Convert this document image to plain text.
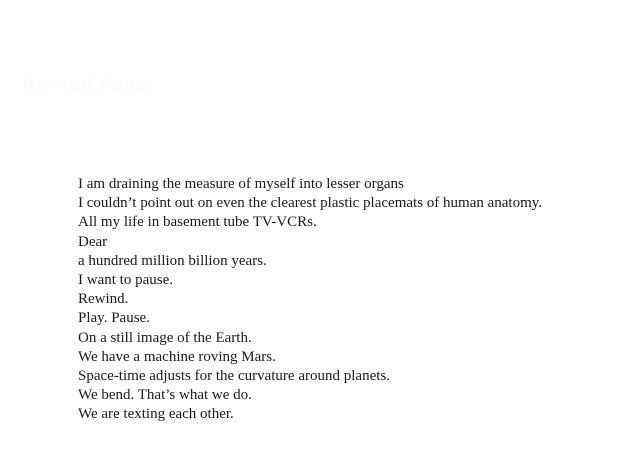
Rewind Pause
I am draining the measure of myself into lesser organs
I couldn’t point out on even the clearest plastic placemats of human anatomy.
All my life in basement tube TV-VCRs.
Dear
a hundred million billion years.
I want to pause.
Rewind.
Play. Pause.
On a still image of the Earth.
We have a machine roving Mars.
Space-time adjusts for the curvature around planets.
We bend. That’s what we do.
We are texting each other.
